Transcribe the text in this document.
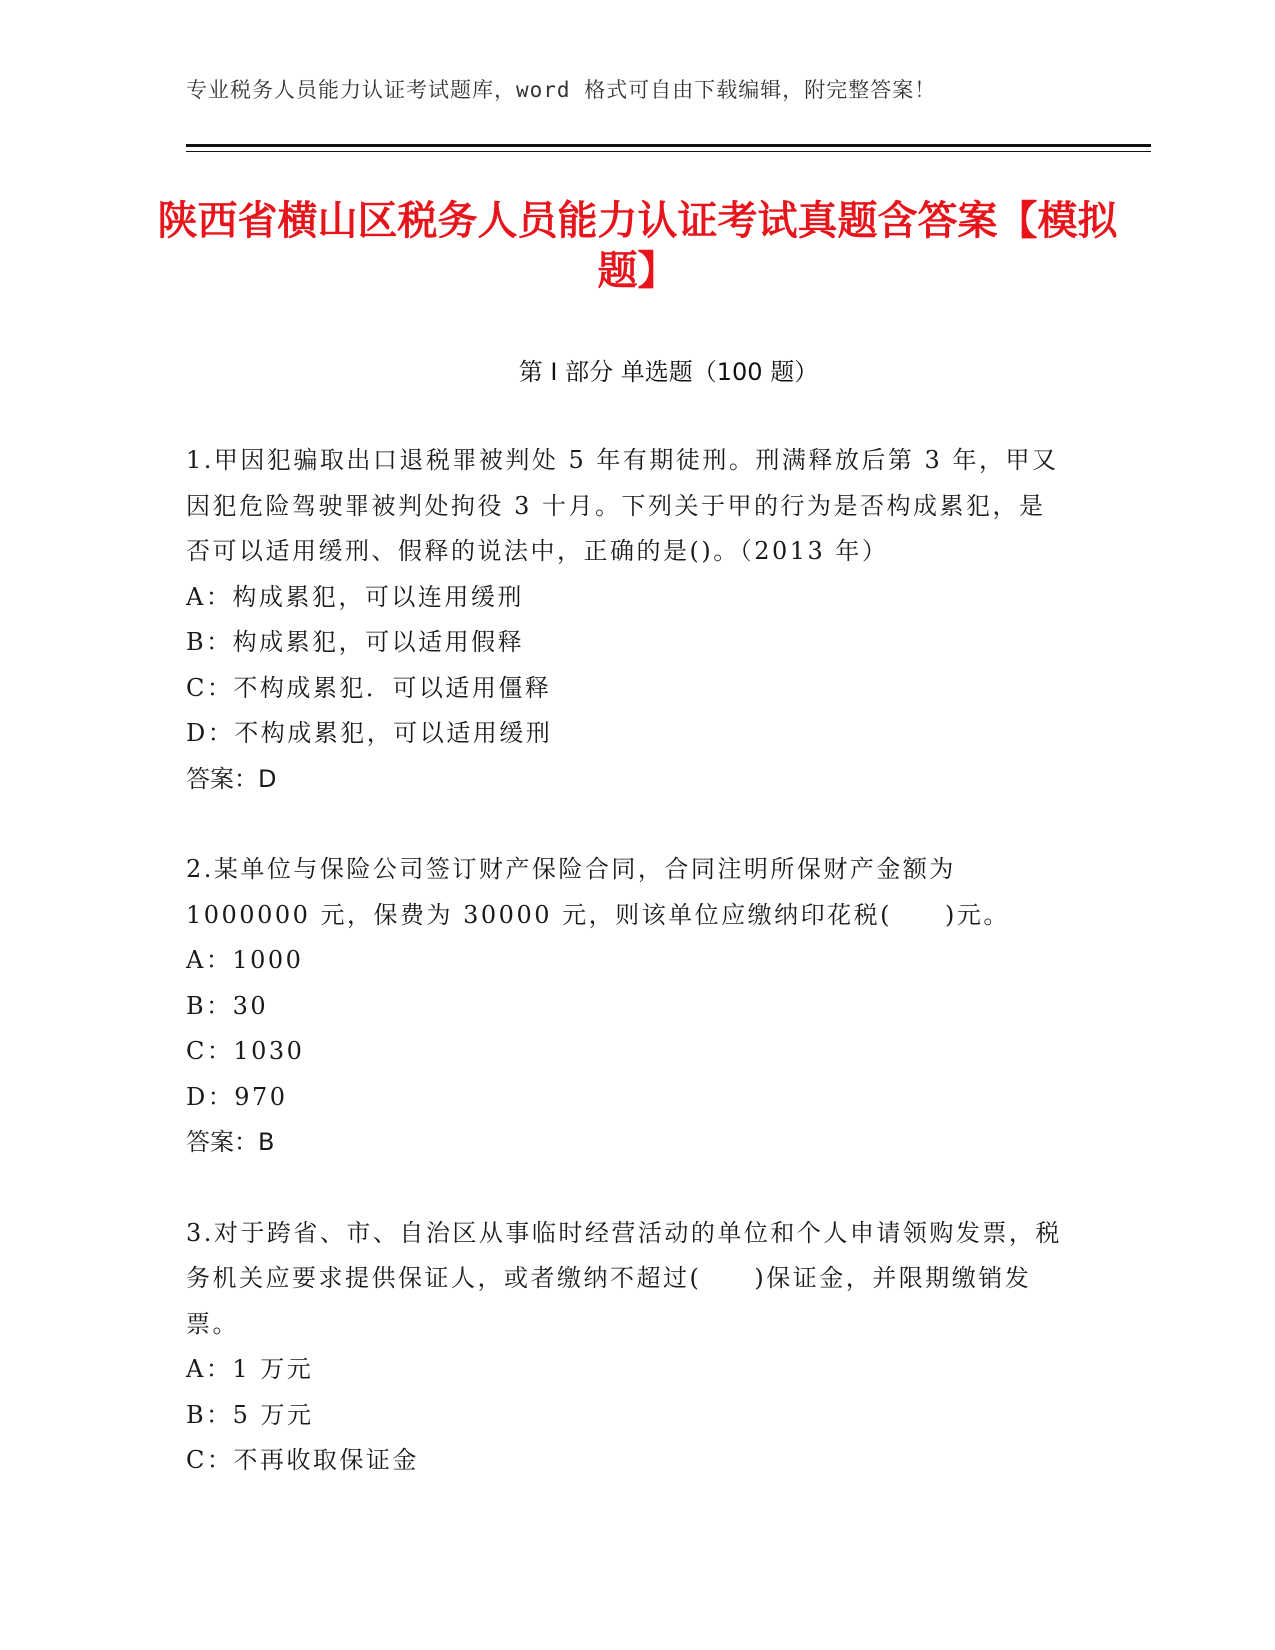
专业税务人员能力认证考试题库，word 格式可自由下载编辑，附完整答案！
陕西省横山区税务人员能力认证考试真题含答案【模拟题】
第 I 部分 单选题（100 题）

1.甲因犯骗取出口退税罪被判处 5 年有期徒刑。刑满释放后第 3 年，甲又因犯危险驾驶罪被判处拘役 3 十月。下列关于甲的行为是否构成累犯，是否可以适用缓刑、假释的说法中，正确的是()。（2013 年）

A：构成累犯，可以连用缓刑

B：构成累犯，可以适用假释

C：不构成累犯．可以适用僵释

D：不构成累犯，可以适用缓刑

答案：D

2.某单位与保险公司签订财产保险合同，合同注明所保财产金额为 1000000 元，保费为 30000 元，则该单位应缴纳印花税(　　)元。

A：1000

B：30

C：1030

D：970

答案：B

3.对于跨省、市、自治区从事临时经营活动的单位和个人申请领购发票，税务机关应要求提供保证人，或者缴纳不超过(　　)保证金，并限期缴销发票。

A：1 万元

B：5 万元

C：不再收取保证金
